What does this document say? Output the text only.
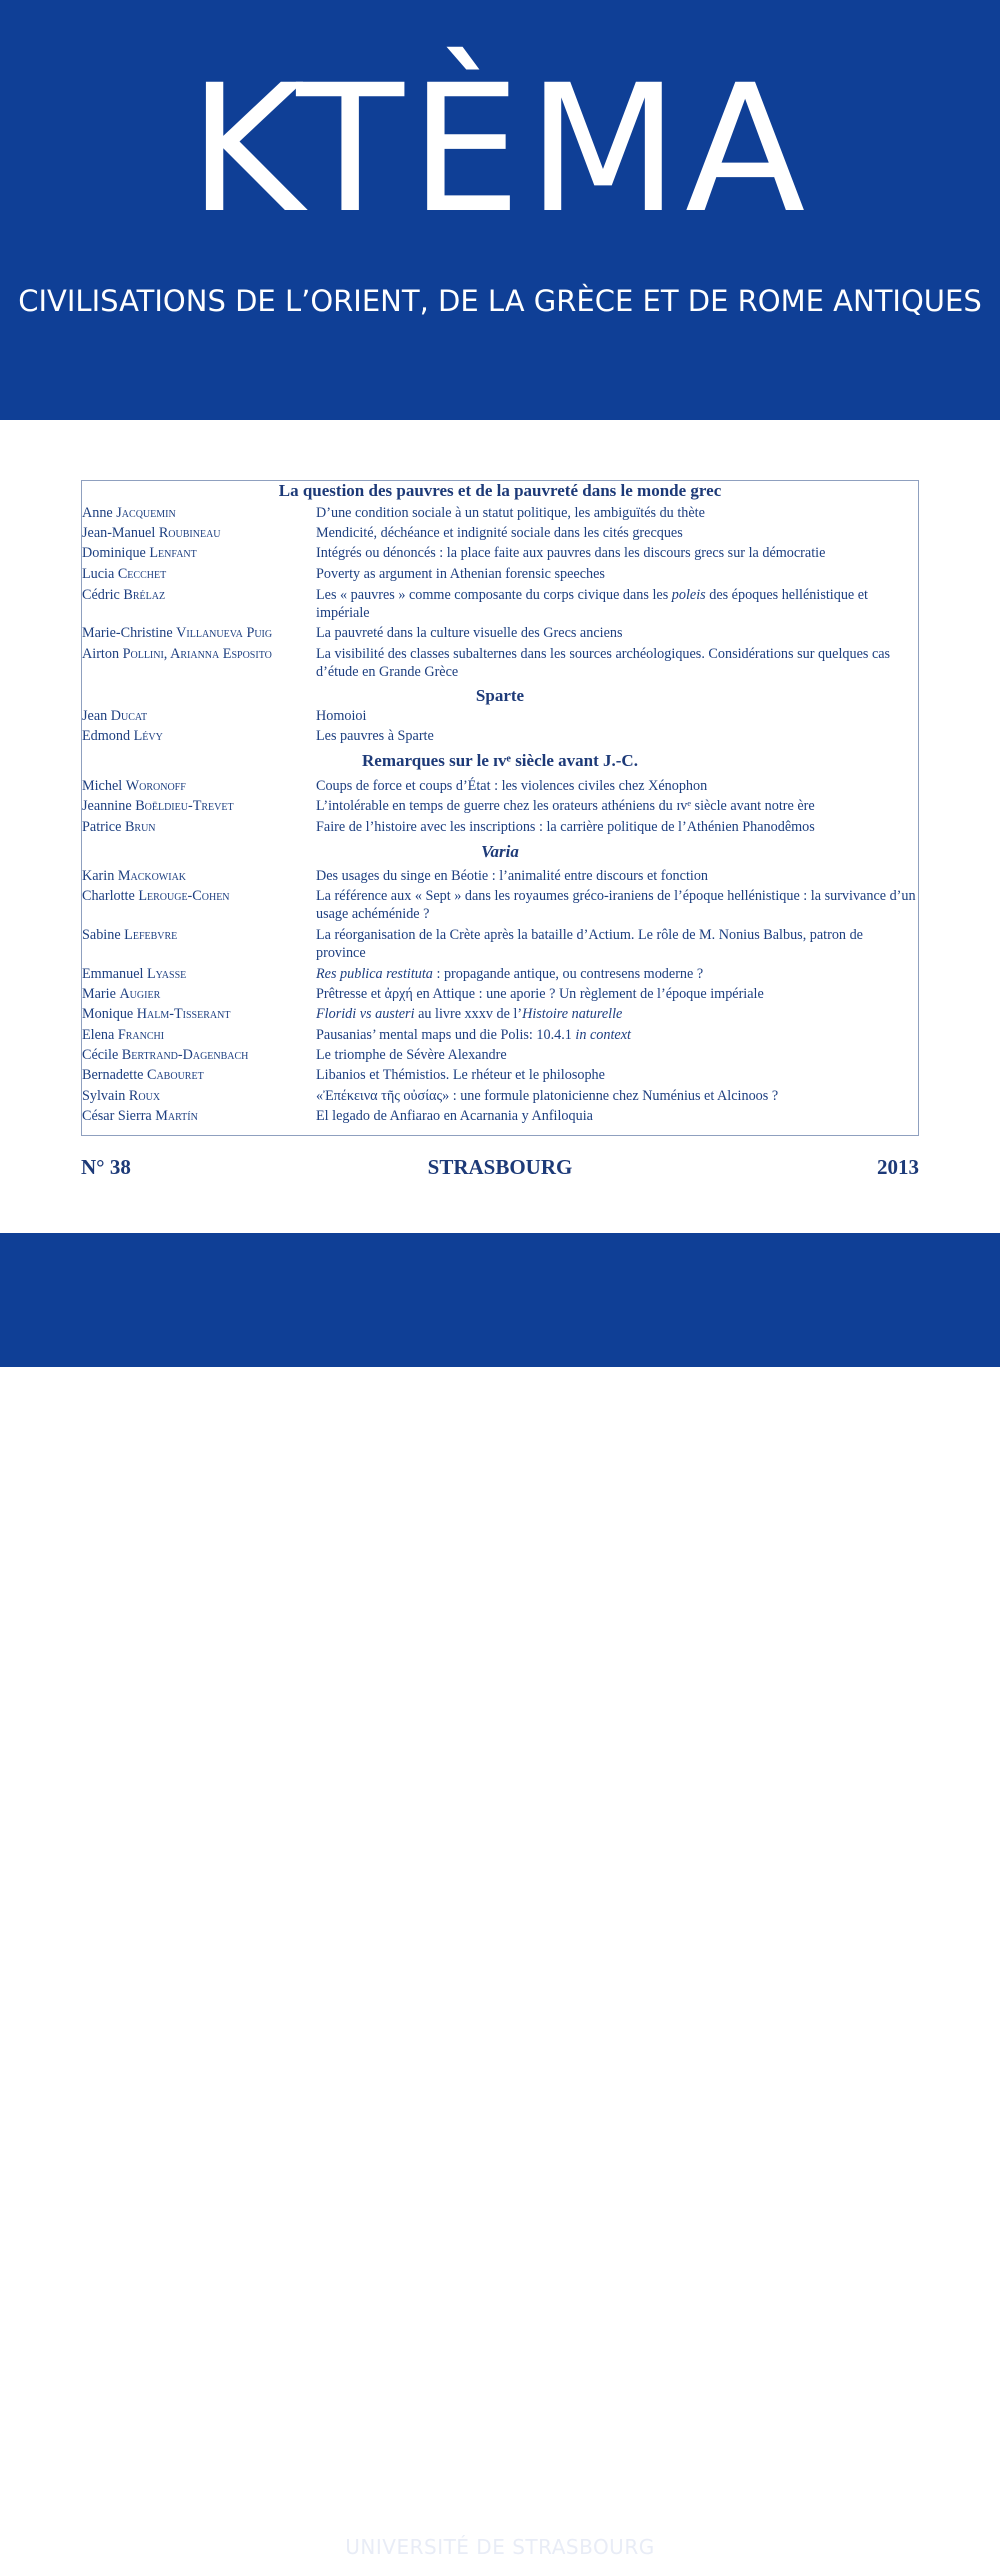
KTÈMA
CIVILISATIONS DE L’ORIENT, DE LA GRÈCE ET DE ROME ANTIQUES
La question des pauvres et de la pauvreté dans le monde grec
Anne Jacquemin	D’une condition sociale à un statut politique, les ambiguïtés du thète
Jean-Manuel Roubineau	Mendicité, déchéance et indignité sociale dans les cités grecques
Dominique Lenfant	Intégrés ou dénoncés : la place faite aux pauvres dans les discours grecs sur la démocratie
Lucia Cecchet	Poverty as argument in Athenian forensic speeches
Cédric Brélaz	Les « pauvres » comme composante du corps civique dans les poleis des époques hellénistique et impériale
Marie-Christine Villanueva Puig	La pauvreté dans la culture visuelle des Grecs anciens
Airton Pollini, Arianna Esposito	La visibilité des classes subalternes dans les sources archéologiques. Considérations sur quelques cas d’étude en Grande Grèce
Sparte
Jean Ducat	Homoioi
Edmond Lévy	Les pauvres à Sparte
Remarques sur le ɪᴠᵉ siècle avant J.-C.
Michel Woronoff	Coups de force et coups d’État : les violences civiles chez Xénophon
Jeannine Boëldieu-Trevet	L’intolérable en temps de guerre chez les orateurs athéniens du ɪᴠᵉ siècle avant notre ère
Patrice Brun	Faire de l’histoire avec les inscriptions : la carrière politique de l’Athénien Phanodêmos
Varia
Karin Mackowiak	Des usages du singe en Béotie : l’animalité entre discours et fonction
Charlotte Lerouge-Cohen	La référence aux « Sept » dans les royaumes gréco-iraniens de l’époque hellénistique : la survivance d’un usage achéménide ?
Sabine Lefebvre	La réorganisation de la Crète après la bataille d’Actium. Le rôle de M. Nonius Balbus, patron de province
Emmanuel Lyasse	Res publica restituta : propagande antique, ou contresens moderne ?
Marie Augier	Prêtresse et ἀρχή en Attique : une aporie ? Un règlement de l’époque impériale
Monique Halm-Tisserant	Floridi vs austeri au livre xxxv de l’Histoire naturelle
Elena Franchi	Pausanias’ mental maps und die Polis: 10.4.1 in context
Cécile Bertrand-Dagenbach	Le triomphe de Sévère Alexandre
Bernadette Cabouret	Libanios et Thémistios. Le rhéteur et le philosophe
Sylvain Roux	«Ἐπέκεινα τῆς οὐσίας» : une formule platonicienne chez Numénius et Alcinoos ?
César Sierra Martín	El legado de Anfiarao en Acarnania y Anfiloquia
N° 38	STRASBOURG	2013
UNIVERSITÉ DE STRASBOURG
